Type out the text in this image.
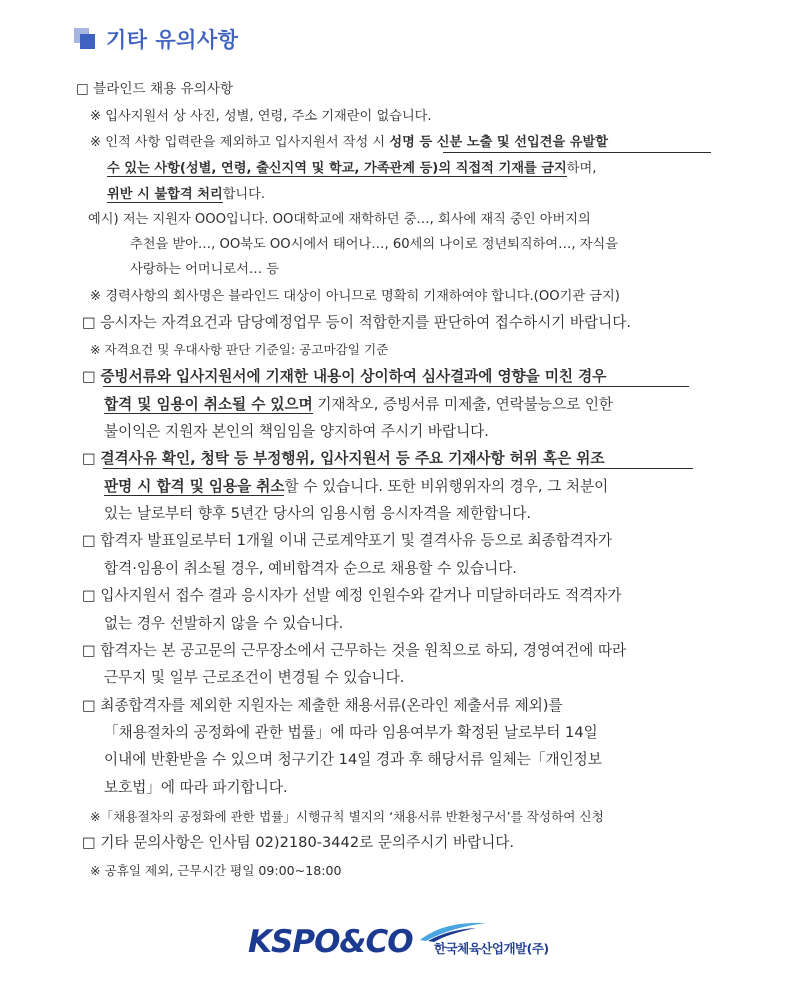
기타 유의사항
□ 블라인드 채용 유의사항
※ 입사지원서 상 사진, 성별, 연령, 주소 기재란이 없습니다.
※ 인적 사항 입력란을 제외하고 입사지원서 작성 시 성명 등 신분 노출 및 선입견을 유발할
수 있는 사항(성별, 연령, 출신지역 및 학교, 가족관계 등)의 직접적 기재를 금지하며,
위반 시 불합격 처리합니다.
예시) 저는 지원자 OOO입니다. OO대학교에 재학하던 중…, 회사에 재직 중인 아버지의
추천을 받아…, OO북도 OO시에서 태어나…, 60세의 나이로 정년퇴직하여…, 자식을
사랑하는 어머니로서… 등
※ 경력사항의 회사명은 블라인드 대상이 아니므로 명확히 기재하여야 합니다.(OO기관 금지)
□ 응시자는 자격요건과 담당예정업무 등이 적합한지를 판단하여 접수하시기 바랍니다.
※ 자격요건 및 우대사항 판단 기준일: 공고마감일 기준
□ 증빙서류와 입사지원서에 기재한 내용이 상이하여 심사결과에 영향을 미친 경우
합격 및 임용이 취소될 수 있으며 기재착오, 증빙서류 미제출, 연락불능으로 인한
불이익은 지원자 본인의 책임임을 양지하여 주시기 바랍니다.
□ 결격사유 확인, 청탁 등 부정행위, 입사지원서 등 주요 기재사항 허위 혹은 위조
판명 시 합격 및 임용을 취소할 수 있습니다. 또한 비위행위자의 경우, 그 처분이
있는 날로부터 향후 5년간 당사의 임용시험 응시자격을 제한합니다.
□ 합격자 발표일로부터 1개월 이내 근로계약포기 및 결격사유 등으로 최종합격자가
합격·임용이 취소될 경우, 예비합격자 순으로 채용할 수 있습니다.
□ 입사지원서 접수 결과 응시자가 선발 예정 인원수와 같거나 미달하더라도 적격자가
없는 경우 선발하지 않을 수 있습니다.
□ 합격자는 본 공고문의 근무장소에서 근무하는 것을 원칙으로 하되, 경영여건에 따라
근무지 및 일부 근로조건이 변경될 수 있습니다.
□ 최종합격자를 제외한 지원자는 제출한 채용서류(온라인 제출서류 제외)를
「채용절차의 공정화에 관한 법률」에 따라 임용여부가 확정된 날로부터 14일
이내에 반환받을 수 있으며 청구기간 14일 경과 후 해당서류 일체는「개인정보
보호법」에 따라 파기합니다.
※「채용절차의 공정화에 관한 법률」시행규칙 별지의 ‘채용서류 반환청구서’를 작성하여 신청
□ 기타 문의사항은 인사팀 02)2180-3442로 문의주시기 바랍니다.
※ 공휴일 제외, 근무시간 평일 09:00~18:00
KSPO&CO 한국체육산업개발(주)
